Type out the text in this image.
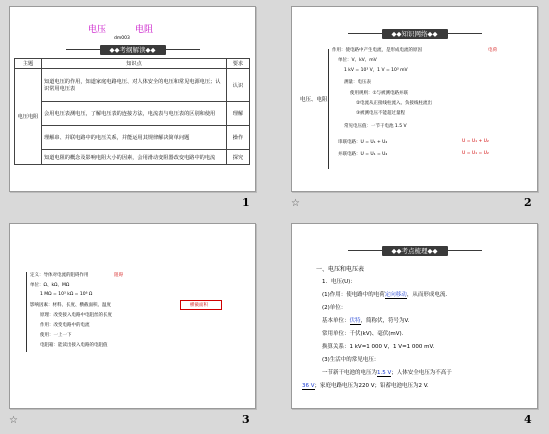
电压	电阻
dm003
◆◆考纲解读◆◆
主题	知识点	要求
电压电阻	知道电压的作用，知道家庭电路电压、对人体安全的电压和常见电源电压；认识常用电压表	认识
	会用电压表测电压，了解电压表的连接方法，电流表与电压表的区别和使用	理解
	理解串、并联电路中的电压关系，并能运用其规律解决简单问题	操作
	知道电阻的概念及影响电阻大小的因素，会用滑动变阻器改变电路中的电流	探究
1
◆◆知识网络◆◆
电压、电阻
作用：使电路中产生电流，是形成电流的原因
单位：V、kV、mV
1 kV = 10³ V，1 V = 10³ mV
测量：电压表
使用规则：①与被测电路并联
②电流从正接线柱流入、负接线柱流出
③被测电压不能超过量程
常见电压值：一节干电池 1.5 V
串联电路：U = U₁ + U₂
并联电路：U = U₁ = U₂
电荷
U = U₁ + U₂
U = U₁ = U₂
☆	2
定义：导体对电流的阻碍作用
单位：Ω、kΩ、MΩ
1 MΩ = 10³ kΩ = 10⁶ Ω
影响因素：材料、长度、横截面积、温度
原理：改变接入电路中电阻丝的长度
作用：改变电路中的电流
使用：一上一下
电阻箱：能读出接入电路的电阻值
阻碍
横截面积
☆	3
◆◆考点梳理◆◆
一、电压和电压表
1．电压(U)：
(1)作用：使电路中的电荷定向移动，从而形成电流.
(2)单位：
基本单位：伏特，简称伏，符号为V.
常用单位：千伏(kV)、毫伏(mV).
换算关系：1 kV=1 000 V，1 V=1 000 mV.
(3)生活中的常见电压：
一节新干电池的电压为1.5 V；人体安全电压为不高于
36 V；家庭电路电压为220 V；铅蓄电池电压为2 V.
4
